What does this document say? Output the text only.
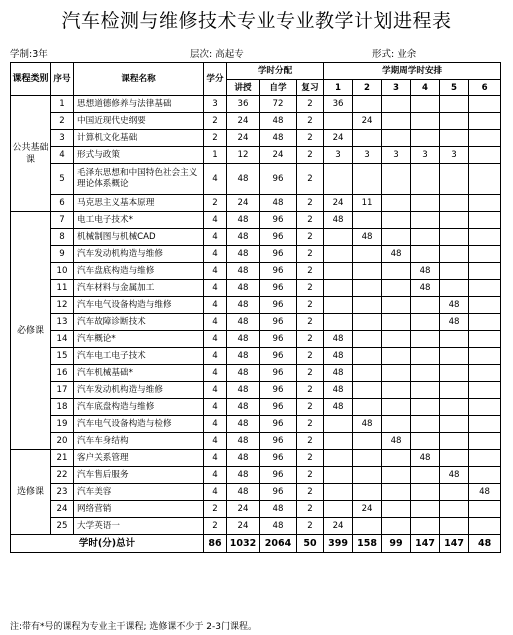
汽车检测与维修技术专业专业教学计划进程表
学制:3年	层次: 高起专	形式: 业余
课程类别	序号	课程名称	学分	学时分配			学期周学时安排					
				讲授	自学	复习	1	2	3	4	5	6
公共基础课	1	思想道德修养与法律基础	3	36	72	2	36					
	2	中国近现代史纲要	2	24	48	2		24				
	3	计算机文化基础	2	24	48	2	24					
	4	形式与政策	1	12	24	2	3	3	3	3	3	
	5	毛泽东思想和中国特色社会主义理论体系概论	4	48	96	2						
	6	马克思主义基本原理	2	24	48	2	24	11				
必修课	7	电工电子技术*	4	48	96	2	48					
	8	机械制图与机械CAD	4	48	96	2		48				
	9	汽车发动机构造与维修	4	48	96	2			48			
	10	汽车盘底构造与维修	4	48	96	2				48		
	11	汽车材料与金属加工	4	48	96	2				48		
	12	汽车电气设备构造与维修	4	48	96	2					48	
	13	汽车故障诊断技术	4	48	96	2					48	
	14	汽车概论*	4	48	96	2	48					
	15	汽车电工电子技术	4	48	96	2	48					
	16	汽车机械基础*	4	48	96	2	48					
	17	汽车发动机构造与维修	4	48	96	2	48					
	18	汽车底盘构造与维修	4	48	96	2	48					
	19	汽车电气设备构造与检修	4	48	96	2		48				
	20	汽车车身结构	4	48	96	2			48			
选修课	21	客户关系管理	4	48	96	2				48		
	22	汽车售后服务	4	48	96	2					48	
	23	汽车美容	4	48	96	2						48
	24	网络营销	2	24	48	2		24				
	25	大学英语一	2	24	48	2	24					
学时(分)总计			86	1032	2064	50	399	158	99	147	147	48
注:带有*号的课程为专业主干课程; 选修课不少于 2-3门课程。
